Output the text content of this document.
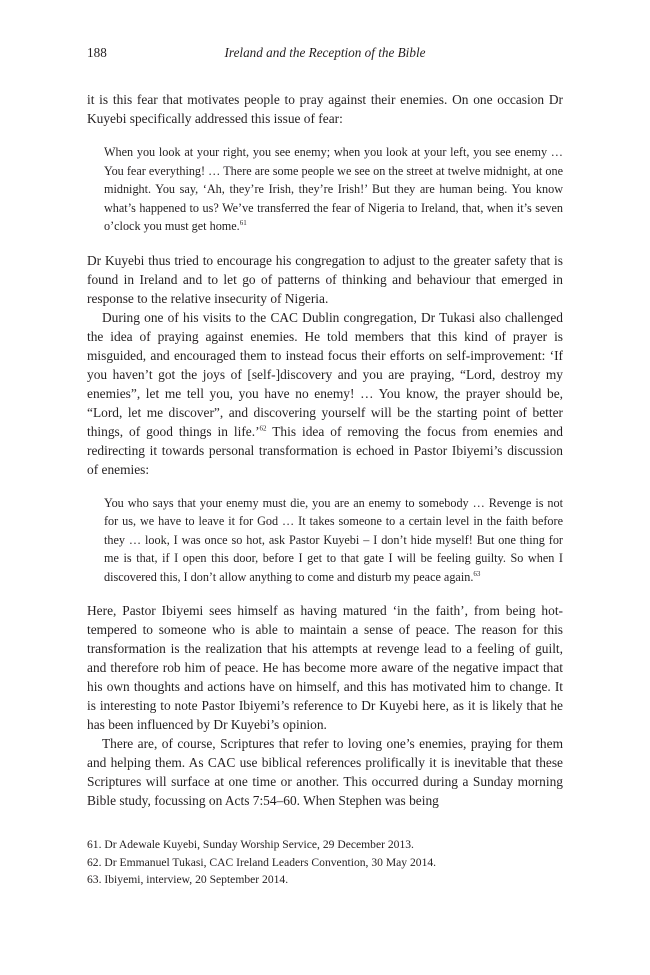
188	Ireland and the Reception of the Bible

it is this fear that motivates people to pray against their enemies. On one occasion Dr Kuyebi specifically addressed this issue of fear:

When you look at your right, you see enemy; when you look at your left, you see enemy … You fear everything! … There are some people we see on the street at twelve midnight, at one midnight. You say, ‘Ah, they’re Irish, they’re Irish!’ But they are human being. You know what’s happened to us? We’ve transferred the fear of Nigeria to Ireland, that, when it’s seven o’clock you must get home.$^{61}$

Dr Kuyebi thus tried to encourage his congregation to adjust to the greater safety that is found in Ireland and to let go of patterns of thinking and behaviour that emerged in response to the relative insecurity of Nigeria.

During one of his visits to the CAC Dublin congregation, Dr Tukasi also challenged the idea of praying against enemies. He told members that this kind of prayer is misguided, and encouraged them to instead focus their efforts on self-improvement: ‘If you haven’t got the joys of [self-]discovery and you are praying, “Lord, destroy my enemies”, let me tell you, you have no enemy! … You know, the prayer should be, “Lord, let me discover”, and discovering yourself will be the starting point of better things, of good things in life.’$^{62}$ This idea of removing the focus from enemies and redirecting it towards personal transformation is echoed in Pastor Ibiyemi’s discussion of enemies:

You who says that your enemy must die, you are an enemy to somebody … Revenge is not for us, we have to leave it for God … It takes someone to a certain level in the faith before they … look, I was once so hot, ask Pastor Kuyebi – I don’t hide myself! But one thing for me is that, if I open this door, before I get to that gate I will be feeling guilty. So when I discovered this, I don’t allow anything to come and disturb my peace again.$^{63}$

Here, Pastor Ibiyemi sees himself as having matured ‘in the faith’, from being hot-tempered to someone who is able to maintain a sense of peace. The reason for this transformation is the realization that his attempts at revenge lead to a feeling of guilt, and therefore rob him of peace. He has become more aware of the negative impact that his own thoughts and actions have on himself, and this has motivated him to change. It is interesting to note Pastor Ibiyemi’s reference to Dr Kuyebi here, as it is likely that he has been influenced by Dr Kuyebi’s opinion.

There are, of course, Scriptures that refer to loving one’s enemies, praying for them and helping them. As CAC use biblical references prolifically it is inevitable that these Scriptures will surface at one time or another. This occurred during a Sunday morning Bible study, focussing on Acts 7:54–60. When Stephen was being

61. Dr Adewale Kuyebi, Sunday Worship Service, 29 December 2013.
62. Dr Emmanuel Tukasi, CAC Ireland Leaders Convention, 30 May 2014.
63. Ibiyemi, interview, 20 September 2014.
